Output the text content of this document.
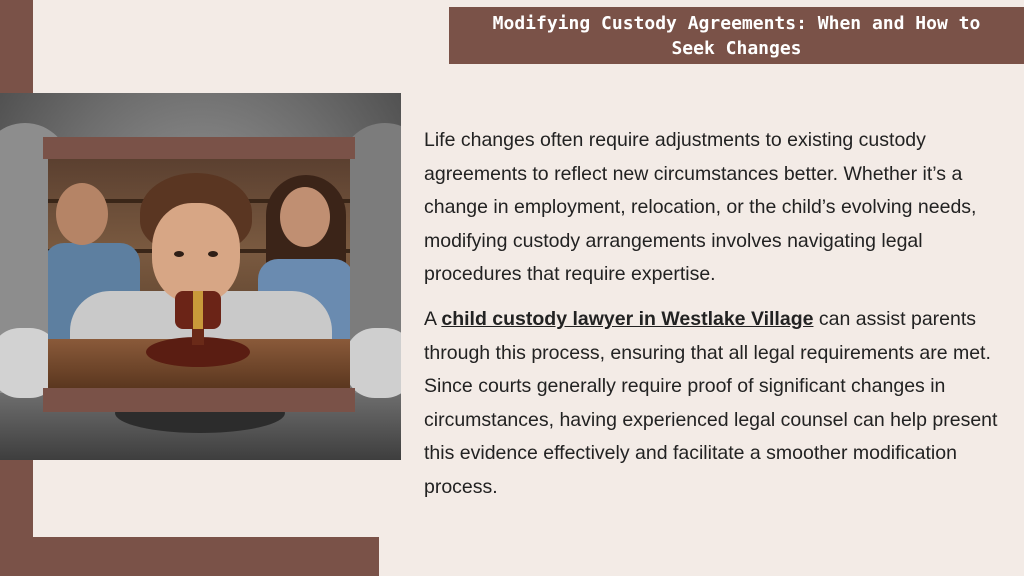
Modifying Custody Agreements: When and How to Seek Changes

Life changes often require adjustments to existing custody agreements to reflect new circumstances better. Whether it’s a change in employment, relocation, or the child’s evolving needs, modifying custody arrangements involves navigating legal procedures that require expertise.

A child custody lawyer in Westlake Village can assist parents through this process, ensuring that all legal requirements are met. Since courts generally require proof of significant changes in circumstances, having experienced legal counsel can help present this evidence effectively and facilitate a smoother modification process.
